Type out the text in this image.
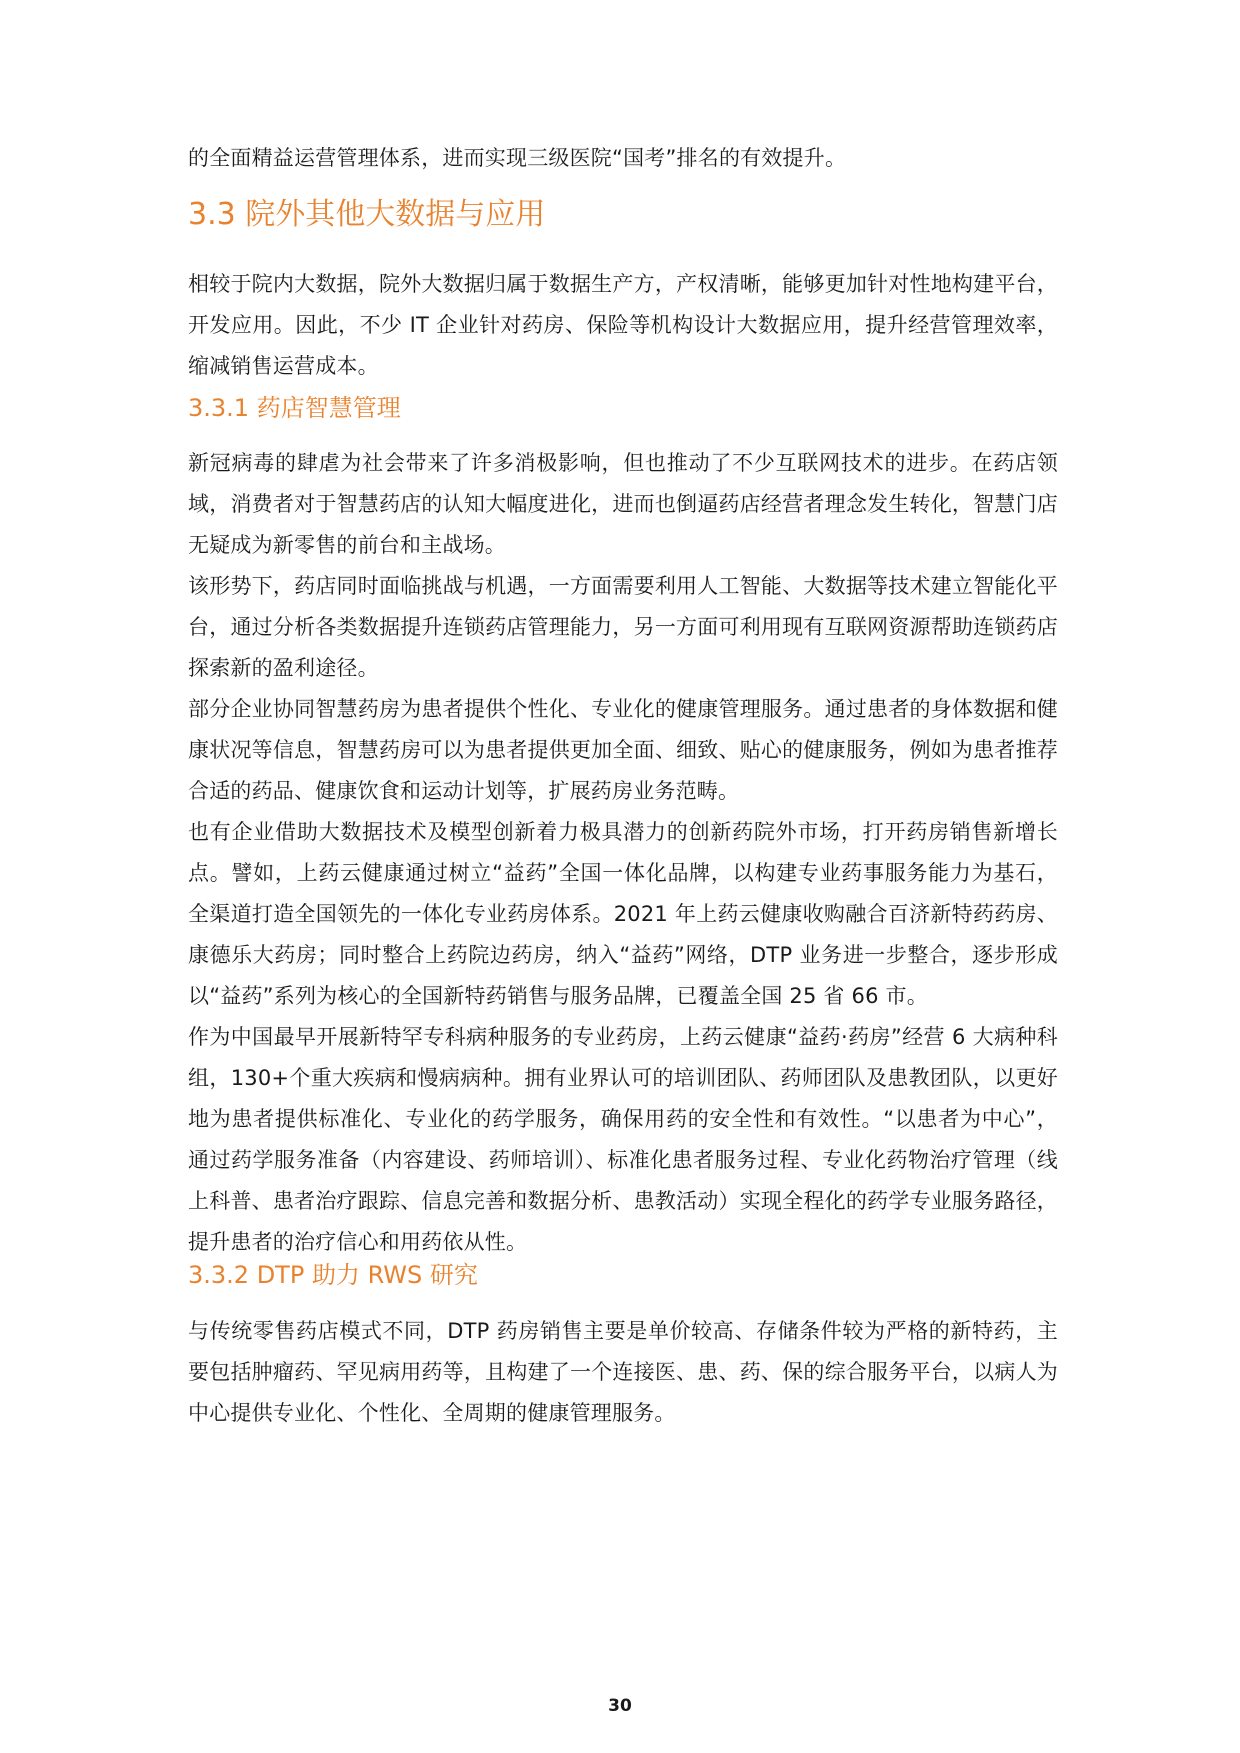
的全面精益运营管理体系，进而实现三级医院“国考”排名的有效提升。

3.3 院外其他大数据与应用

相较于院内大数据，院外大数据归属于数据生产方，产权清晰，能够更加针对性地构建平台，开发应用。因此，不少 IT 企业针对药房、保险等机构设计大数据应用，提升经营管理效率，缩减销售运营成本。

3.3.1 药店智慧管理

新冠病毒的肆虐为社会带来了许多消极影响，但也推动了不少互联网技术的进步。在药店领域，消费者对于智慧药店的认知大幅度进化，进而也倒逼药店经营者理念发生转化，智慧门店无疑成为新零售的前台和主战场。

该形势下，药店同时面临挑战与机遇，一方面需要利用人工智能、大数据等技术建立智能化平台，通过分析各类数据提升连锁药店管理能力，另一方面可利用现有互联网资源帮助连锁药店探索新的盈利途径。

部分企业协同智慧药房为患者提供个性化、专业化的健康管理服务。通过患者的身体数据和健康状况等信息，智慧药房可以为患者提供更加全面、细致、贴心的健康服务，例如为患者推荐合适的药品、健康饮食和运动计划等，扩展药房业务范畴。

也有企业借助大数据技术及模型创新着力极具潜力的创新药院外市场，打开药房销售新增长点。譬如，上药云健康通过树立“益药”全国一体化品牌，以构建专业药事服务能力为基石，全渠道打造全国领先的一体化专业药房体系。2021 年上药云健康收购融合百济新特药药房、康德乐大药房；同时整合上药院边药房，纳入“益药”网络，DTP 业务进一步整合，逐步形成以“益药”系列为核心的全国新特药销售与服务品牌，已覆盖全国 25 省 66 市。

作为中国最早开展新特罕专科病种服务的专业药房，上药云健康“益药·药房”经营 6 大病种科组，130+个重大疾病和慢病病种。拥有业界认可的培训团队、药师团队及患教团队，以更好地为患者提供标准化、专业化的药学服务，确保用药的安全性和有效性。“以患者为中心”，通过药学服务准备（内容建设、药师培训）、标准化患者服务过程、专业化药物治疗管理（线上科普、患者治疗跟踪、信息完善和数据分析、患教活动）实现全程化的药学专业服务路径，提升患者的治疗信心和用药依从性。

3.3.2 DTP 助力 RWS 研究

与传统零售药店模式不同，DTP 药房销售主要是单价较高、存储条件较为严格的新特药，主要包括肿瘤药、罕见病用药等，且构建了一个连接医、患、药、保的综合服务平台，以病人为中心提供专业化、个性化、全周期的健康管理服务。

30
